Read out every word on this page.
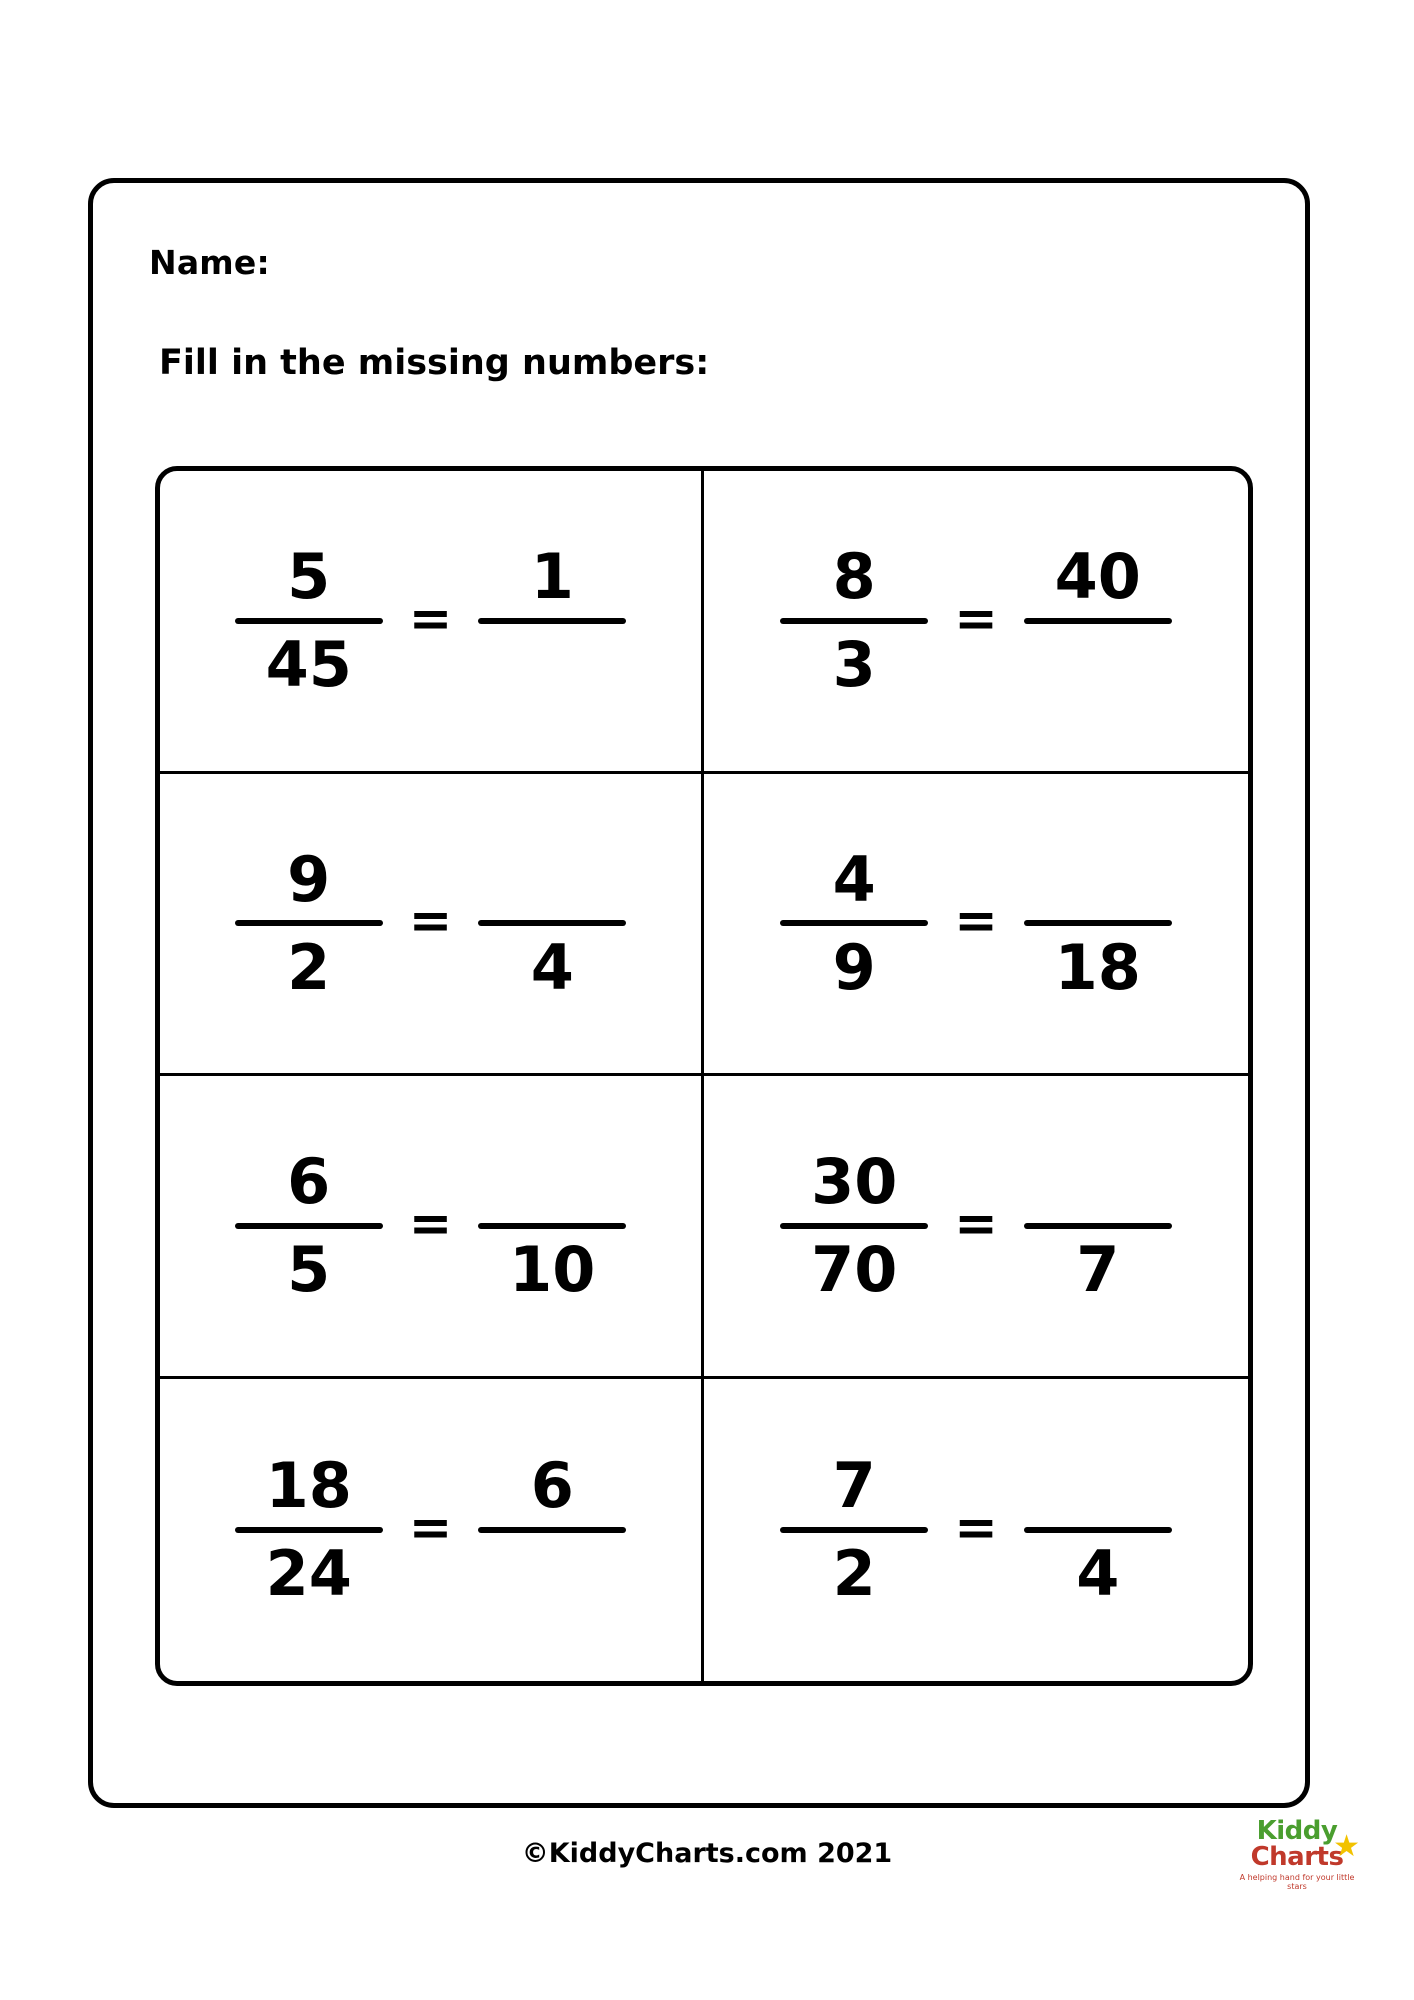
Name:
Fill in the missing numbers:
5
45
=
1	8
3
=
40
9
2
=
4
4
9
=
18
6
5
=
10
30
70
=
7
18
24
=
6	7
2
=
4
©KiddyCharts.com 2021
Kiddy
Charts
A helping hand for your little stars
★
